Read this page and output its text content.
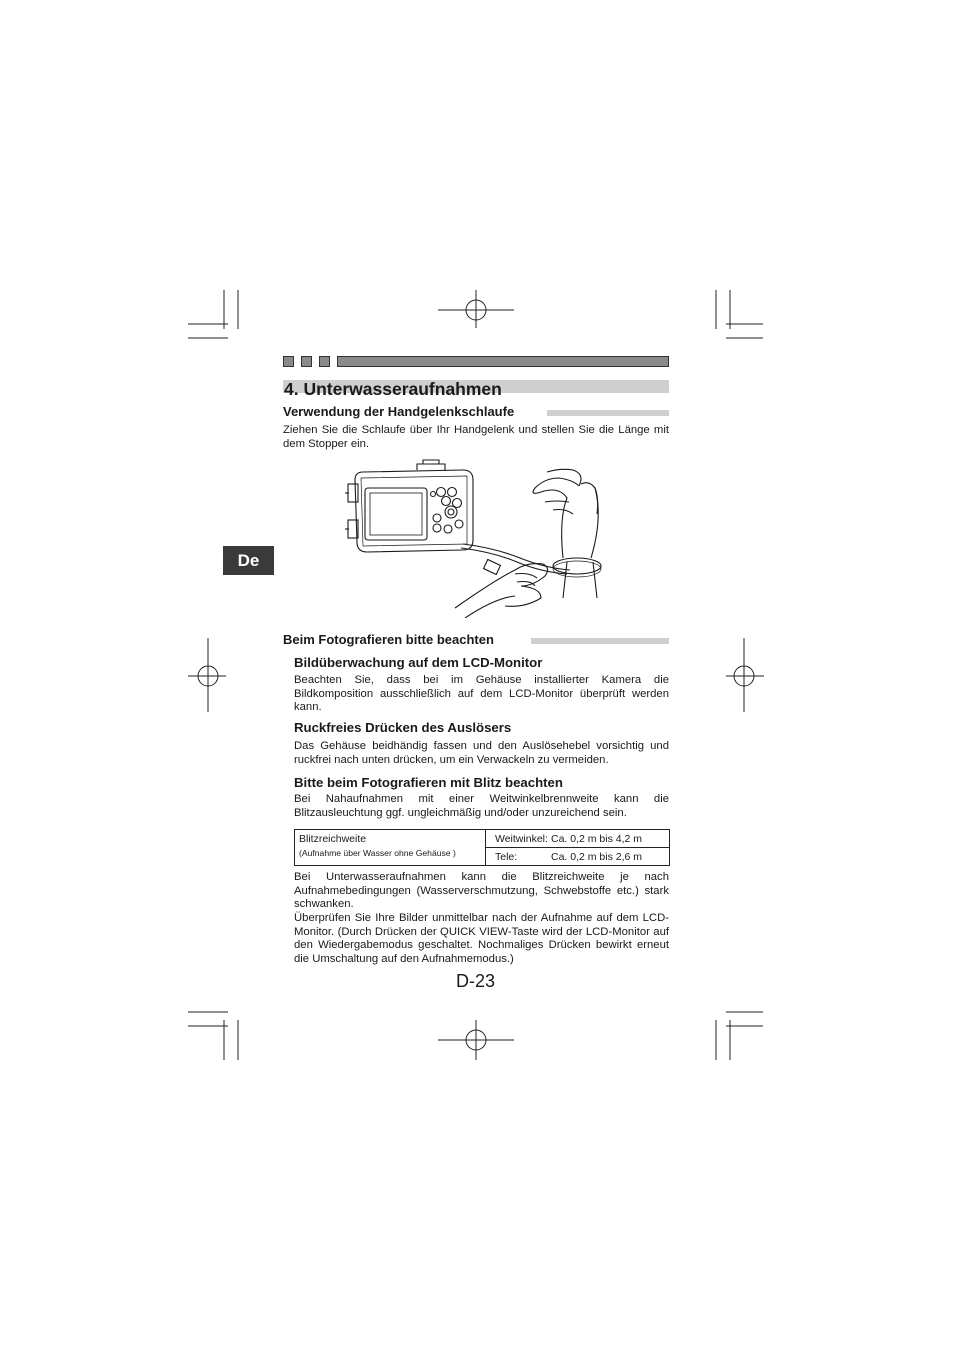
4. Unterwasseraufnahmen
De
Verwendung der Handgelenkschlaufe
Ziehen Sie die Schlaufe über Ihr Handgelenk und stellen Sie die Länge mit dem Stopper ein.
Beim Fotografieren bitte beachten
Bildüberwachung auf dem LCD-Monitor
Beachten Sie, dass bei im Gehäuse installierter Kamera die Bildkomposition ausschließlich auf dem LCD-Monitor überprüft werden kann.
Ruckfreies Drücken des Auslösers
Das Gehäuse beidhändig fassen und den Auslösehebel vorsichtig und ruckfrei nach unten drücken, um ein Verwackeln zu vermeiden.
Bitte beim Fotografieren mit Blitz beachten
Bei Nahaufnahmen mit einer Weitwinkelbrennweite kann die Blitzausleuchtung ggf. ungleichmäßig und/oder unzureichend sein.
Blitzreichweite
(Aufnahme über Wasser ohne Gehäuse )
	Weitwinkel: Ca. 0,2 m bis 4,2 m
Tele:	Ca. 0,2 m bis 2,6 m
Bei Unterwasseraufnahmen kann die Blitzreichweite je nach Aufnahmebedingungen (Wasserverschmutzung, Schwebstoffe etc.) stark schwanken.
Überprüfen Sie Ihre Bilder unmittelbar nach der Aufnahme auf dem LCD-Monitor. (Durch Drücken der QUICK VIEW-Taste wird der LCD-Monitor auf den Wiedergabemodus geschaltet. Nochmaliges Drücken bewirkt erneut die Umschaltung auf den Aufnahmemodus.)
D-23
